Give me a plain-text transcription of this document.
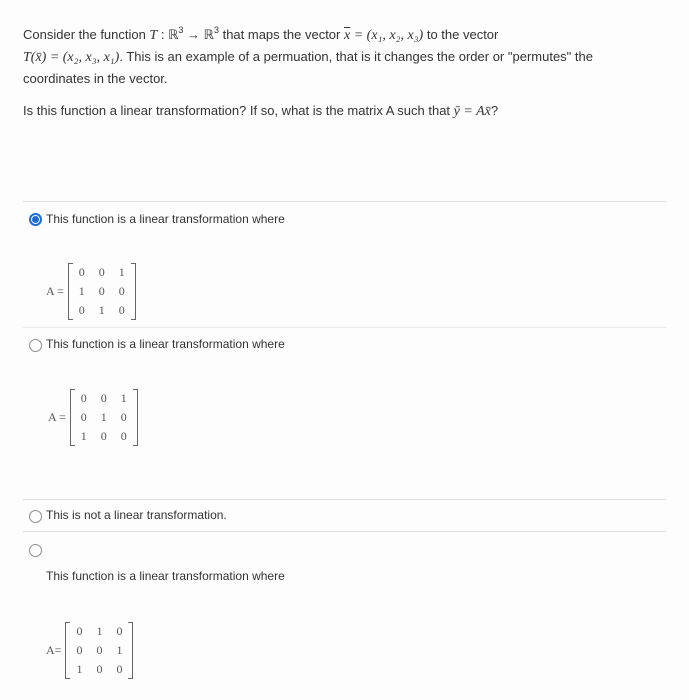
Consider the function T : ℝ$^3$ → ℝ$^3$ that maps the vector $\overline{x} = (x_1$, x₂, x₃) to the vector
T(x̄) = (x₂, x₃, x₁). This is an example of a permuation, that is it changes the order or "permutes" the coordinates in the vector.

Is this function a linear transformation? If so, what is the matrix A such that ȳ = Ax̄?

This function is a linear transformation where
A =
0	0	1
1	0	0
0	1	0
This function is a linear transformation where
A =
0	0	1
0	1	0
1	0	0
This is not a linear transformation.
This function is a linear transformation where
A=
0	1	0
0	0	1
1	0	0
